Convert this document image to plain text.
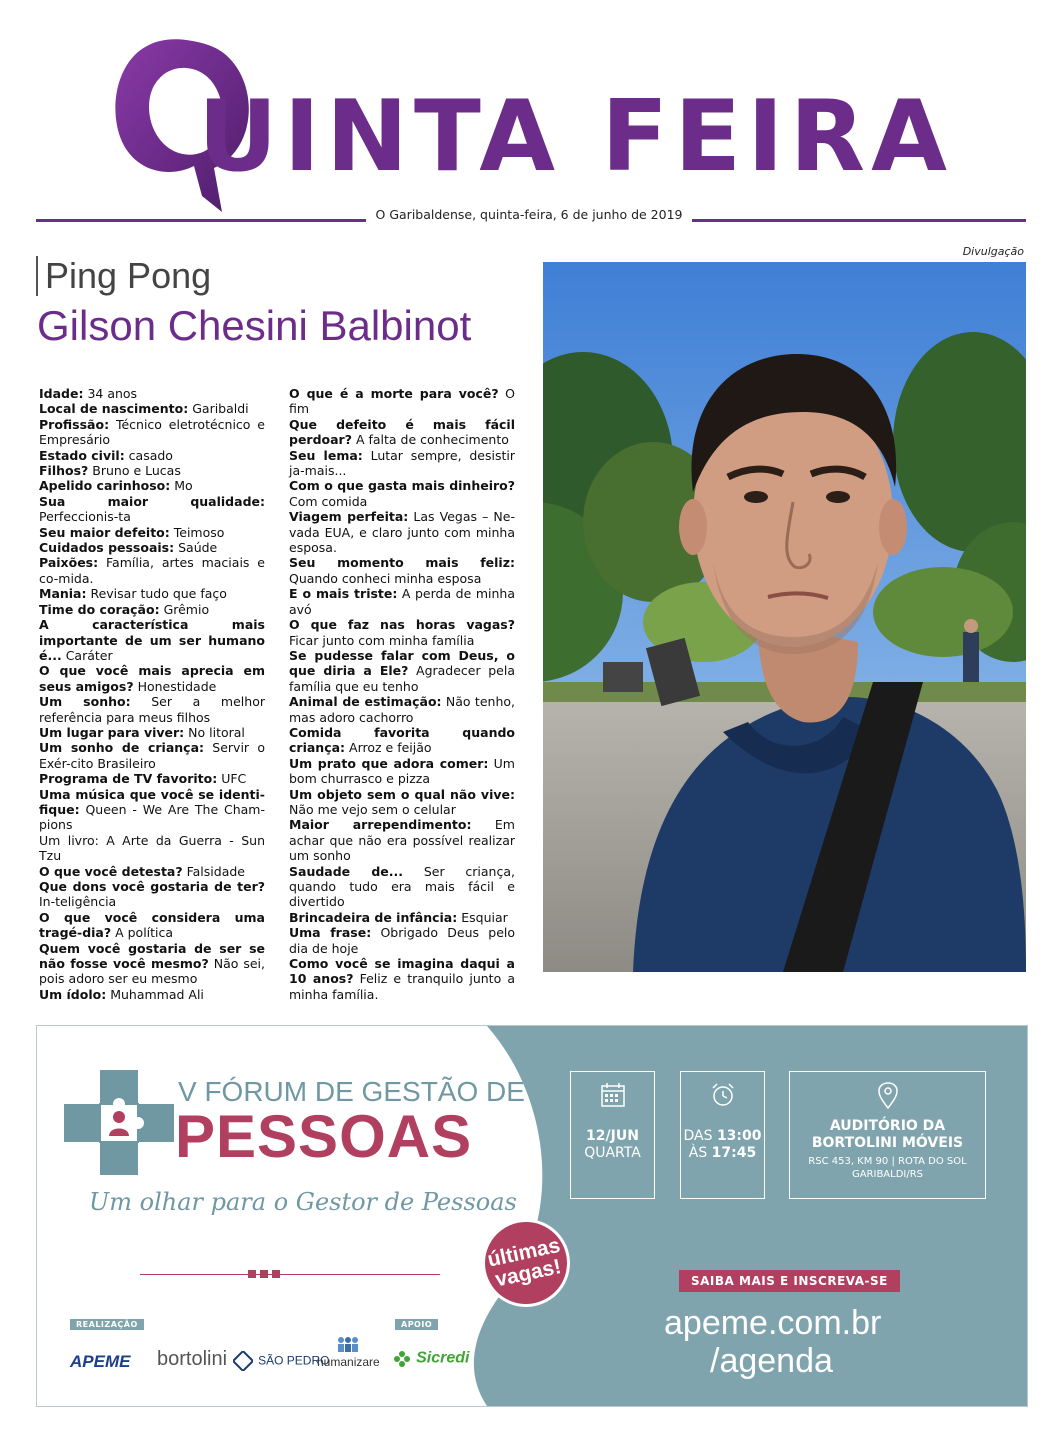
UINTA FEIRA
O Garibaldense, quinta-feira, 6 de junho de 2019
Divulgação
Ping Pong
Gilson Chesini Balbinot

Idade: 34 anos

Local de nascimento: Garibaldi

Profissão: Técnico eletrotécnico e Empresário

Estado civil: casado

Filhos? Bruno e Lucas

Apelido carinhoso: Mo

Sua maior qualidade: Perfeccionis-ta

Seu maior defeito: Teimoso

Cuidados pessoais: Saúde

Paixões: Família, artes maciais e co-mida.

Mania: Revisar tudo que faço

Time do coração: Grêmio

A característica mais importante de um ser humano é... Caráter

O que você mais aprecia em seus amigos? Honestidade

Um sonho: Ser a melhor referência para meus filhos

Um lugar para viver: No litoral

Um sonho de criança: Servir o Exér-cito Brasileiro

Programa de TV favorito: UFC

Uma música que você se identi-fique: Queen - We Are The Cham-pions

Um livro: A Arte da Guerra - Sun Tzu

O que você detesta? Falsidade

Que dons você gostaria de ter? In-teligência

O que você considera uma tragé-dia? A política

Quem você gostaria de ser se não fosse você mesmo? Não sei, pois adoro ser eu mesmo

Um ídolo: Muhammad Ali

O que é a morte para você? O fim

Que defeito é mais fácil perdoar? A falta de conhecimento

Seu lema: Lutar sempre, desistir ja-mais...

Com o que gasta mais dinheiro? Com comida

Viagem perfeita: Las Vegas – Ne-vada EUA, e claro junto com minha esposa.

Seu momento mais feliz: Quando conheci minha esposa

E o mais triste: A perda de minha avó

O que faz nas horas vagas? Ficar junto com minha família

Se pudesse falar com Deus, o que diria a Ele? Agradecer pela família que eu tenho

Animal de estimação: Não tenho, mas adoro cachorro

Comida favorita quando criança: Arroz e feijão

Um prato que adora comer: Um bom churrasco e pizza

Um objeto sem o qual não vive: Não me vejo sem o celular

Maior arrependimento: Em achar que não era possível realizar um sonho

Saudade de... Ser criança, quando tudo era mais fácil e divertido

Brincadeira de infância: Esquiar

Uma frase: Obrigado Deus pelo dia de hoje

Como você se imagina daqui a 10 anos? Feliz e tranquilo junto a minha família.

V FÓRUM DE GESTÃO DE
PESSOAS
Um olhar para o Gestor de Pessoas
REALIZAÇÃO	APOIO
APEME bortolini	SÃO PEDRO
humanizare	Sicredi
últimas vagas!
12/JUN
QUARTA
DAS 13:00
ÀS 17:45
AUDITÓRIO DA
BORTOLINI MÓVEIS
RSC 453, KM 90 | ROTA DO SOL
GARIBALDI/RS
SAIBA MAIS E INSCREVA-SE
apeme.com.br
/agenda
